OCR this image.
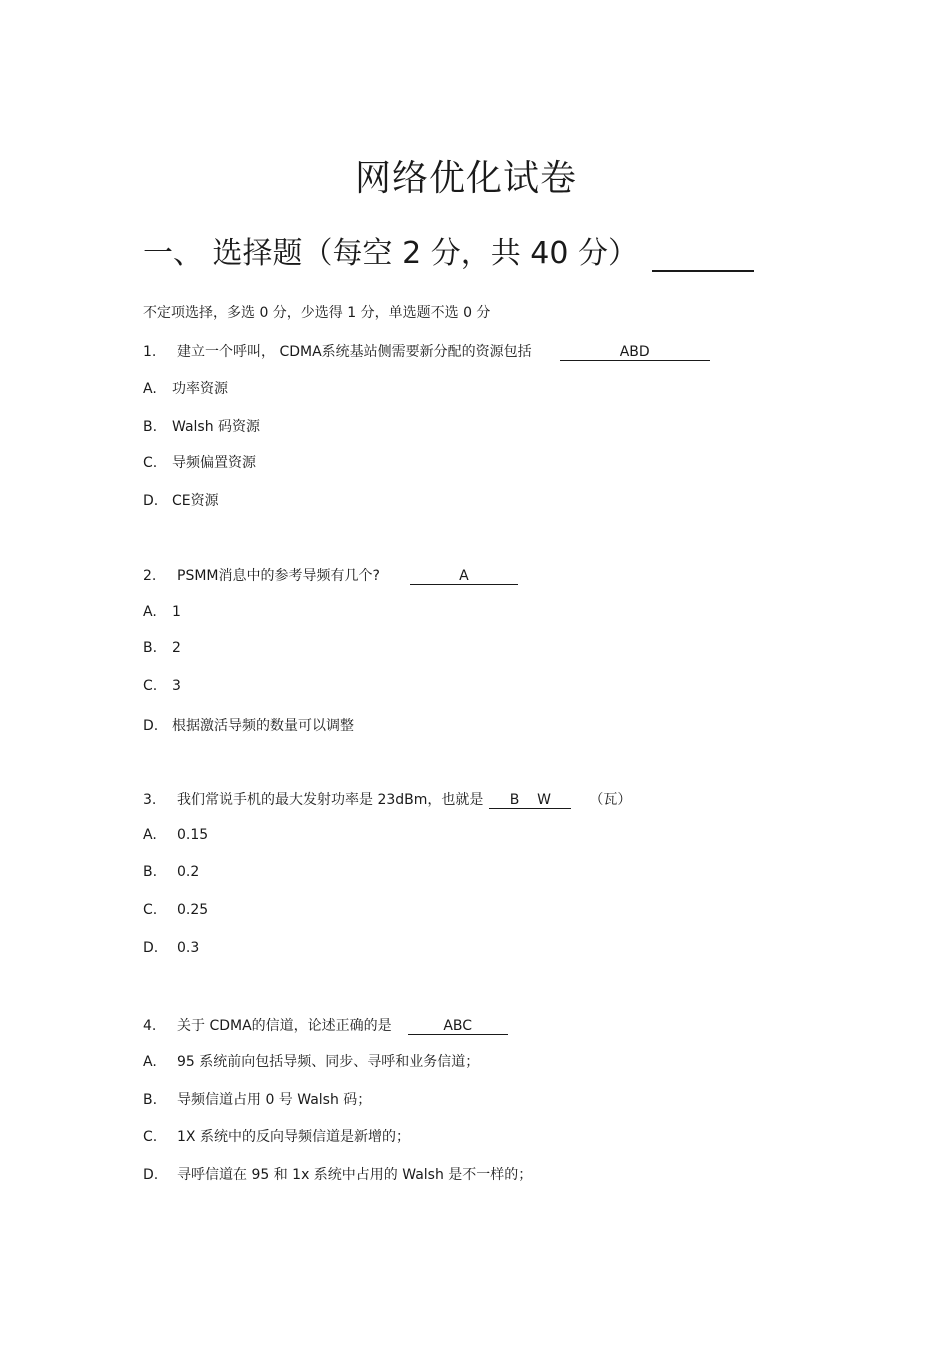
网络优化试卷
一、 选择题（每空 2 分，共 40 分）
不定项选择，多选 0 分，少选得 1 分，单选题不选 0 分
1. 建立一个呼叫， CDMA系统基站侧需要新分配的资源包括	ABD
A. 功率资源
B. Walsh 码资源
C. 导频偏置资源
D. CE资源
2. PSMM消息中的参考导频有几个?	A
A. 1
B. 2
C. 3
D. 根据激活导频的数量可以调整
3. 我们常说手机的最大发射功率是 23dBm，也就是 B    W	（瓦）
A. 0.15
B. 0.2
C. 0.25
D. 0.3
4. 关于 CDMA的信道，论述正确的是	ABC
A. 95 系统前向包括导频、同步、寻呼和业务信道；
B. 导频信道占用 0 号 Walsh 码；
C. 1X 系统中的反向导频信道是新增的；
D. 寻呼信道在 95 和 1x 系统中占用的 Walsh 是不一样的；
